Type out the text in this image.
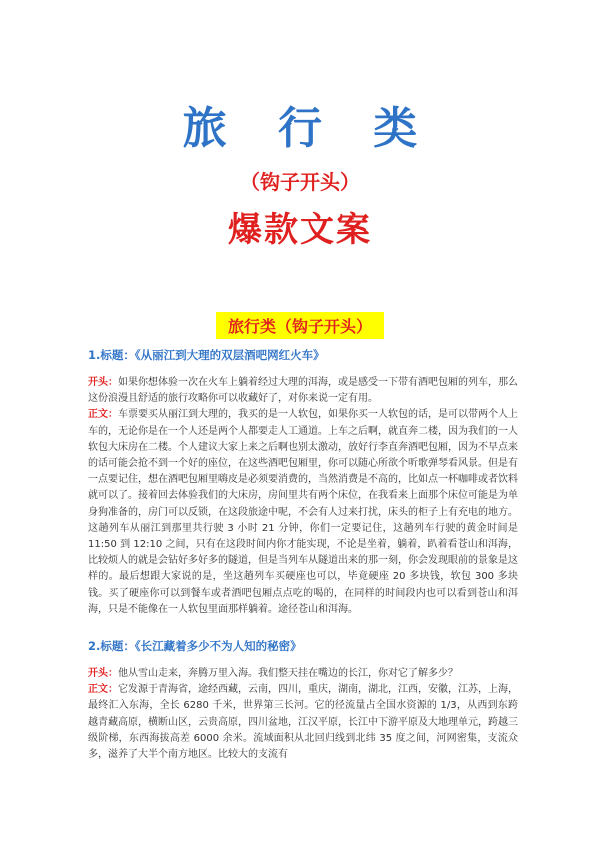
旅 行 类
（钩子开头）
爆款文案
旅行类（钩子开头）
1.标题：《从丽江到大理的双层酒吧网红火车》

开头：如果你想体验一次在火车上躺着经过大理的洱海，或是感受一下带有酒吧包厢的列车，那么这份浪漫且舒适的旅行攻略你可以收藏好了，对你来说一定有用。

正文：车票要买从丽江到大理的，我买的是一人软包，如果你买一人软包的话，是可以带两个人上车的，无论你是在一个人还是两个人都要走人工通道。上车之后啊，就直奔二楼，因为我们的一人软包大床房在二楼。个人建议大家上来之后啊也别太激动，放好行李直奔酒吧包厢，因为不早点来的话可能会抢不到一个好的座位，在这些酒吧包厢里，你可以随心所欲个听歌弹琴看风景。但是有一点要记住，想在酒吧包厢里嗨皮是必须要消费的，当然消费是不高的，比如点一杯咖啡或者饮料就可以了。接着回去体验我们的大床房，房间里共有两个床位，在我看来上面那个床位可能是为单身狗准备的，房门可以反锁，在这段旅途中呢，不会有人过来打扰，床头的柜子上有充电的地方。这趟列车从丽江到那里共行驶 3 小时 21 分钟，你们一定要记住，这趟列车行驶的黄金时间是 11:50 到 12:10 之间，只有在这段时间内你才能实现，不论是坐着，躺着，趴着看苍山和洱海，比较烦人的就是会钻好多好多的隧道，但是当列车从隧道出来的那一刻，你会发现眼前的景象是这样的。最后想跟大家说的是，坐这趟列车买硬座也可以，毕竟硬座 20 多块钱，软包 300 多块钱。买了硬座你可以到餐车或者酒吧包厢点点吃的喝的，在同样的时间段内也可以看到苍山和洱海，只是不能像在一人软包里面那样躺着。途径苍山和洱海。

2.标题：《长江藏着多少不为人知的秘密》

开头：他从雪山走来，奔腾万里入海。我们整天挂在嘴边的长江，你对它了解多少？

正文：它发源于青海省，途经西藏，云南，四川，重庆，湖南，湖北，江西，安徽，江苏，上海，最终汇入东海，全长 6280 千米，世界第三长河。它的径流量占全国水资源的 1/3，从西到东跨越青藏高原，横断山区，云贵高原，四川盆地，江汉平原，长江中下游平原及大地理单元，跨越三级阶梯，东西海拔高差 6000 余米。流域面积从北回归线到北纬 35 度之间，河网密集，支流众多，滋养了大半个南方地区。比较大的支流有
